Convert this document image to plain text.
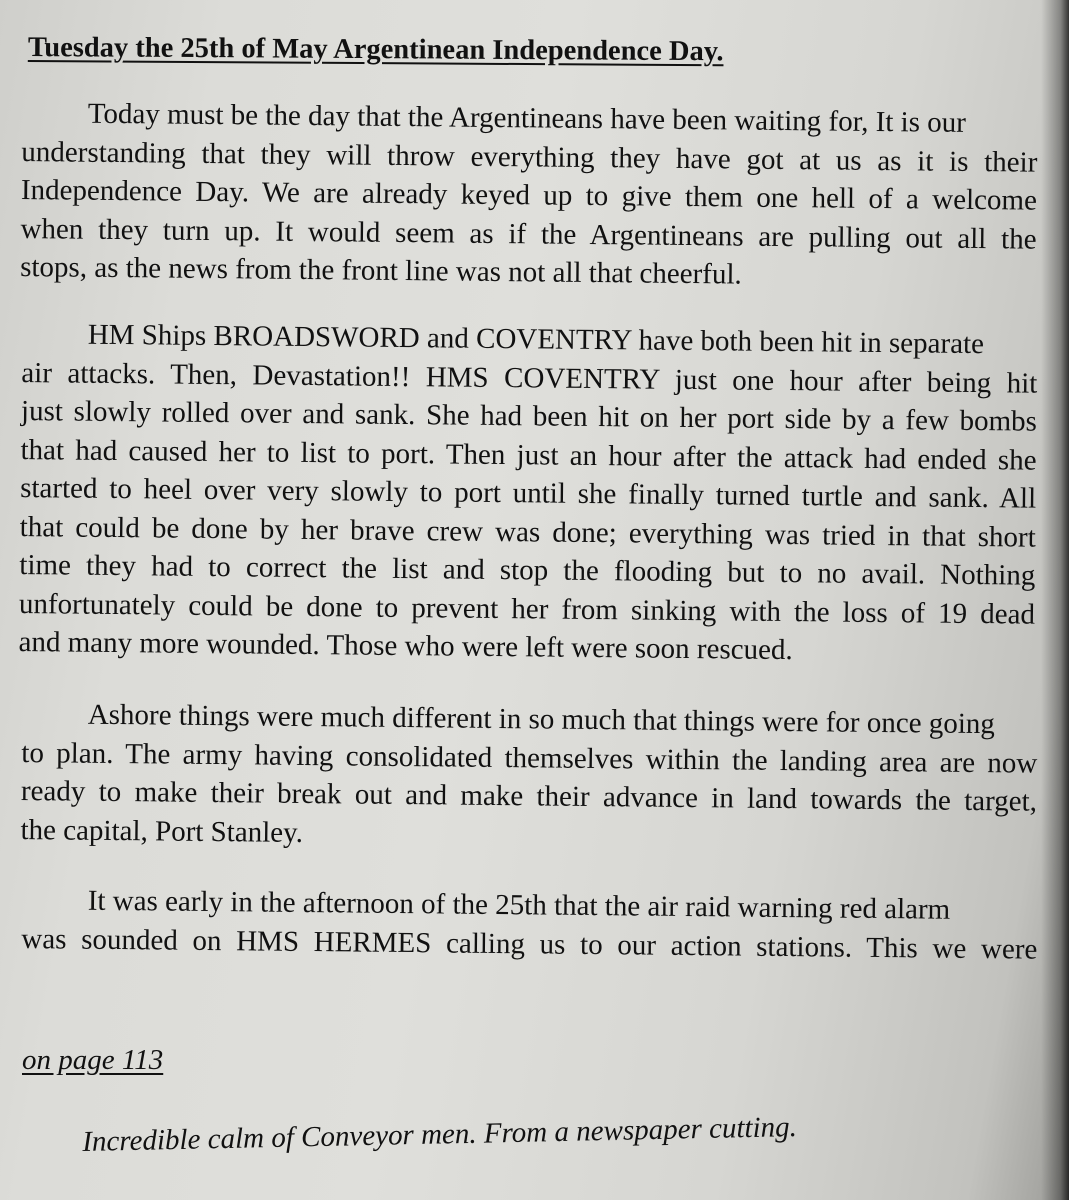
Tuesday the 25th of May Argentinean Independence Day.
Today must be the day that the Argentineans have been waiting for, It is our
understanding that they will throw everything they have got at us as it is their
Independence Day. We are already keyed up to give them one hell of a welcome
when they turn up. It would seem as if the Argentineans are pulling out all the
stops, as the news from the front line was not all that cheerful.
HM Ships BROADSWORD and COVENTRY have both been hit in separate
air attacks. Then, Devastation!! HMS COVENTRY just one hour after being hit
just slowly rolled over and sank. She had been hit on her port side by a few bombs
that had caused her to list to port. Then just an hour after the attack had ended she
started to heel over very slowly to port until she finally turned turtle and sank. All
that could be done by her brave crew was done; everything was tried in that short
time they had to correct the list and stop the flooding but to no avail. Nothing
unfortunately could be done to prevent her from sinking with the loss of 19 dead
and many more wounded. Those who were left were soon rescued.
Ashore things were much different in so much that things were for once going
to plan. The army having consolidated themselves within the landing area are now
ready to make their break out and make their advance in land towards the target,
the capital, Port Stanley.
It was early in the afternoon of the 25th that the air raid warning red alarm
was sounded on HMS HERMES calling us to our action stations. This we were
on page 113
Incredible calm of Conveyor men. From a newspaper cutting.
